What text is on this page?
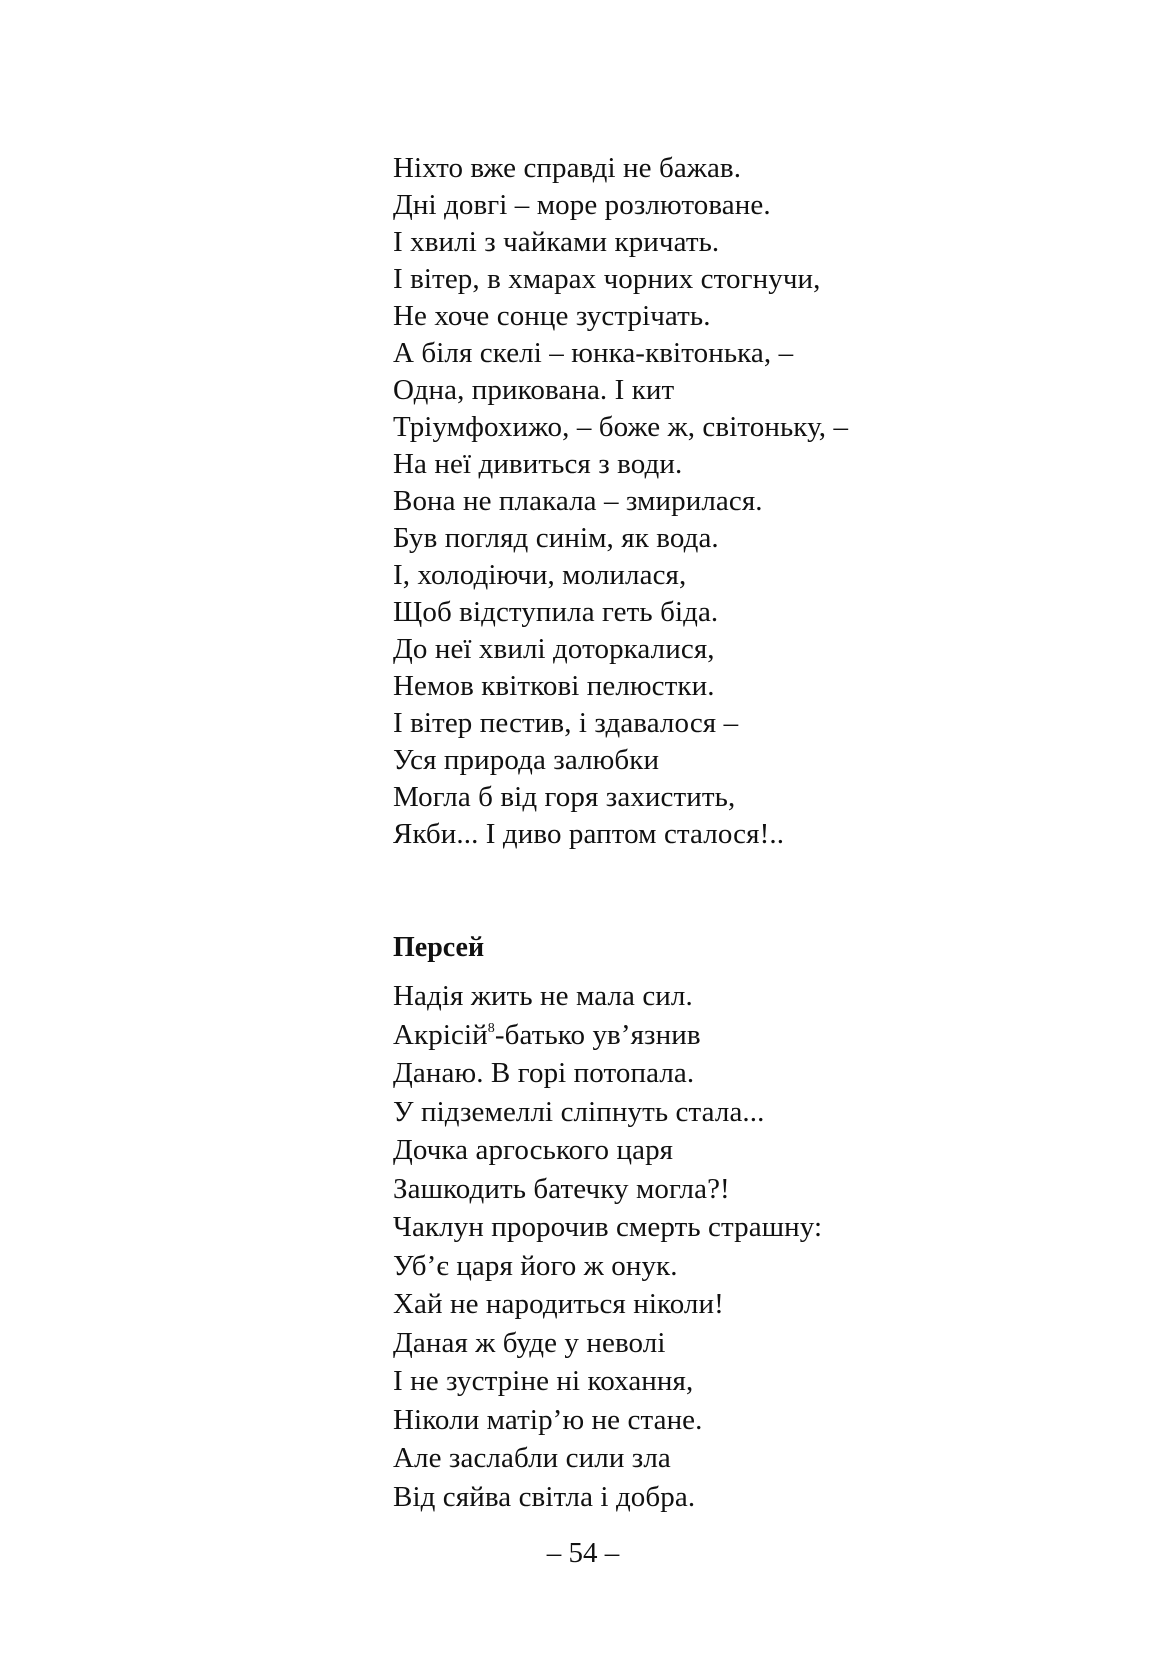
Ніхто вже справді не бажав.
Дні довгі – море розлютоване.
І хвилі з чайками кричать.
І вітер, в хмарах чорних стогнучи,
Не хоче сонце зустрічать.
А біля скелі – юнка-квітонька, –
Одна, прикована. І кит
Тріумфохижо, – боже ж, світоньку, –
На неї дивиться з води.
Вона не плакала – змирилася.
Був погляд синім, як вода.
І, холодіючи, молилася,
Щоб відступила геть біда.
До неї хвилі доторкалися,
Немов квіткові пелюстки.
І вітер пестив, і здавалося –
Уся природа залюбки
Могла б від горя захистить,
Якби... І диво раптом сталося!..
Персей
Надія жить не мала сил.
Акрісій$^8$-батько ув’язнив
Данаю. В горі потопала.
У підземеллі сліпнуть стала...
Дочка аргоського царя
Зашкодить батечку могла?!
Чаклун пророчив смерть страшну:
Уб’є царя його ж онук.
Хай не народиться ніколи!
Даная ж буде у неволі
І не зустріне ні кохання,
Ніколи матір’ю не стане.
Але заслабли сили зла
Від сяйва світла і добра.
– 54 –
